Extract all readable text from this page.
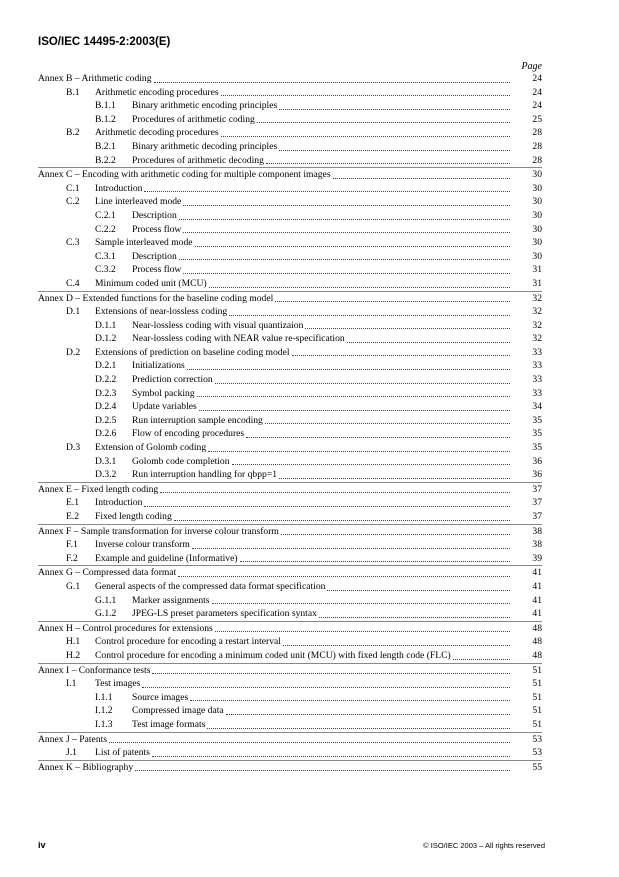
ISO/IEC 14495-2:2003(E)
Page
Annex B – Arithmetic coding	24
B.1 Arithmetic encoding procedures	24
B.1.1 Binary arithmetic encoding principles	24
B.1.2 Procedures of arithmetic coding	25
B.2 Arithmetic decoding procedures	28
B.2.1 Binary arithmetic decoding principles	28
B.2.2 Procedures of arithmetic decoding	28
Annex C – Encoding with arithmetic coding for multiple component images	30
C.1 Introduction	30
C.2 Line interleaved mode	30
C.2.1 Description	30
C.2.2 Process flow	30
C.3 Sample interleaved mode	30
C.3.1 Description	30
C.3.2 Process flow	31
C.4 Minimum coded unit (MCU)	31
Annex D – Extended functions for the baseline coding model	32
D.1 Extensions of near-lossless coding	32
D.1.1 Near-lossless coding with visual quantizaion	32
D.1.2 Near-lossless coding with NEAR value re-specification	32
D.2 Extensions of prediction on baseline coding model	33
D.2.1 Initializations	33
D.2.2 Prediction correction	33
D.2.3 Symbol packing	33
D.2.4 Update variables	34
D.2.5 Run interruption sample encoding	35
D.2.6 Flow of encoding procedures	35
D.3 Extension of Golomb coding	35
D.3.1 Golomb code completion	36
D.3.2 Run interruption handling for qbpp=1	36
Annex E – Fixed length coding	37
E.1 Introduction	37
E.2 Fixed length coding	37
Annex F – Sample transformation for inverse colour transform	38
F.1 Inverse colour transform	38
F.2 Example and guideline (Informative)	39
Annex G – Compressed data format	41
G.1 General aspects of the compressed data format specification	41
G.1.1 Marker assignments	41
G.1.2 JPEG-LS preset parameters specification syntax	41
Annex H – Control procedures for extensions	48
H.1 Control procedure for encoding a restart interval	48
H.2 Control procedure for encoding a minimum coded unit (MCU) with fixed length code (FLC)	48
Annex I – Conformance tests	51
I.1 Test images	51
I.1.1 Source images	51
I.1.2 Compressed image data	51
I.1.3 Test image formats	51
Annex J – Patents	53
J.1 List of patents	53
Annex K – Bibliography	55
iv	© ISO/IEC 2003 – All rights reserved
